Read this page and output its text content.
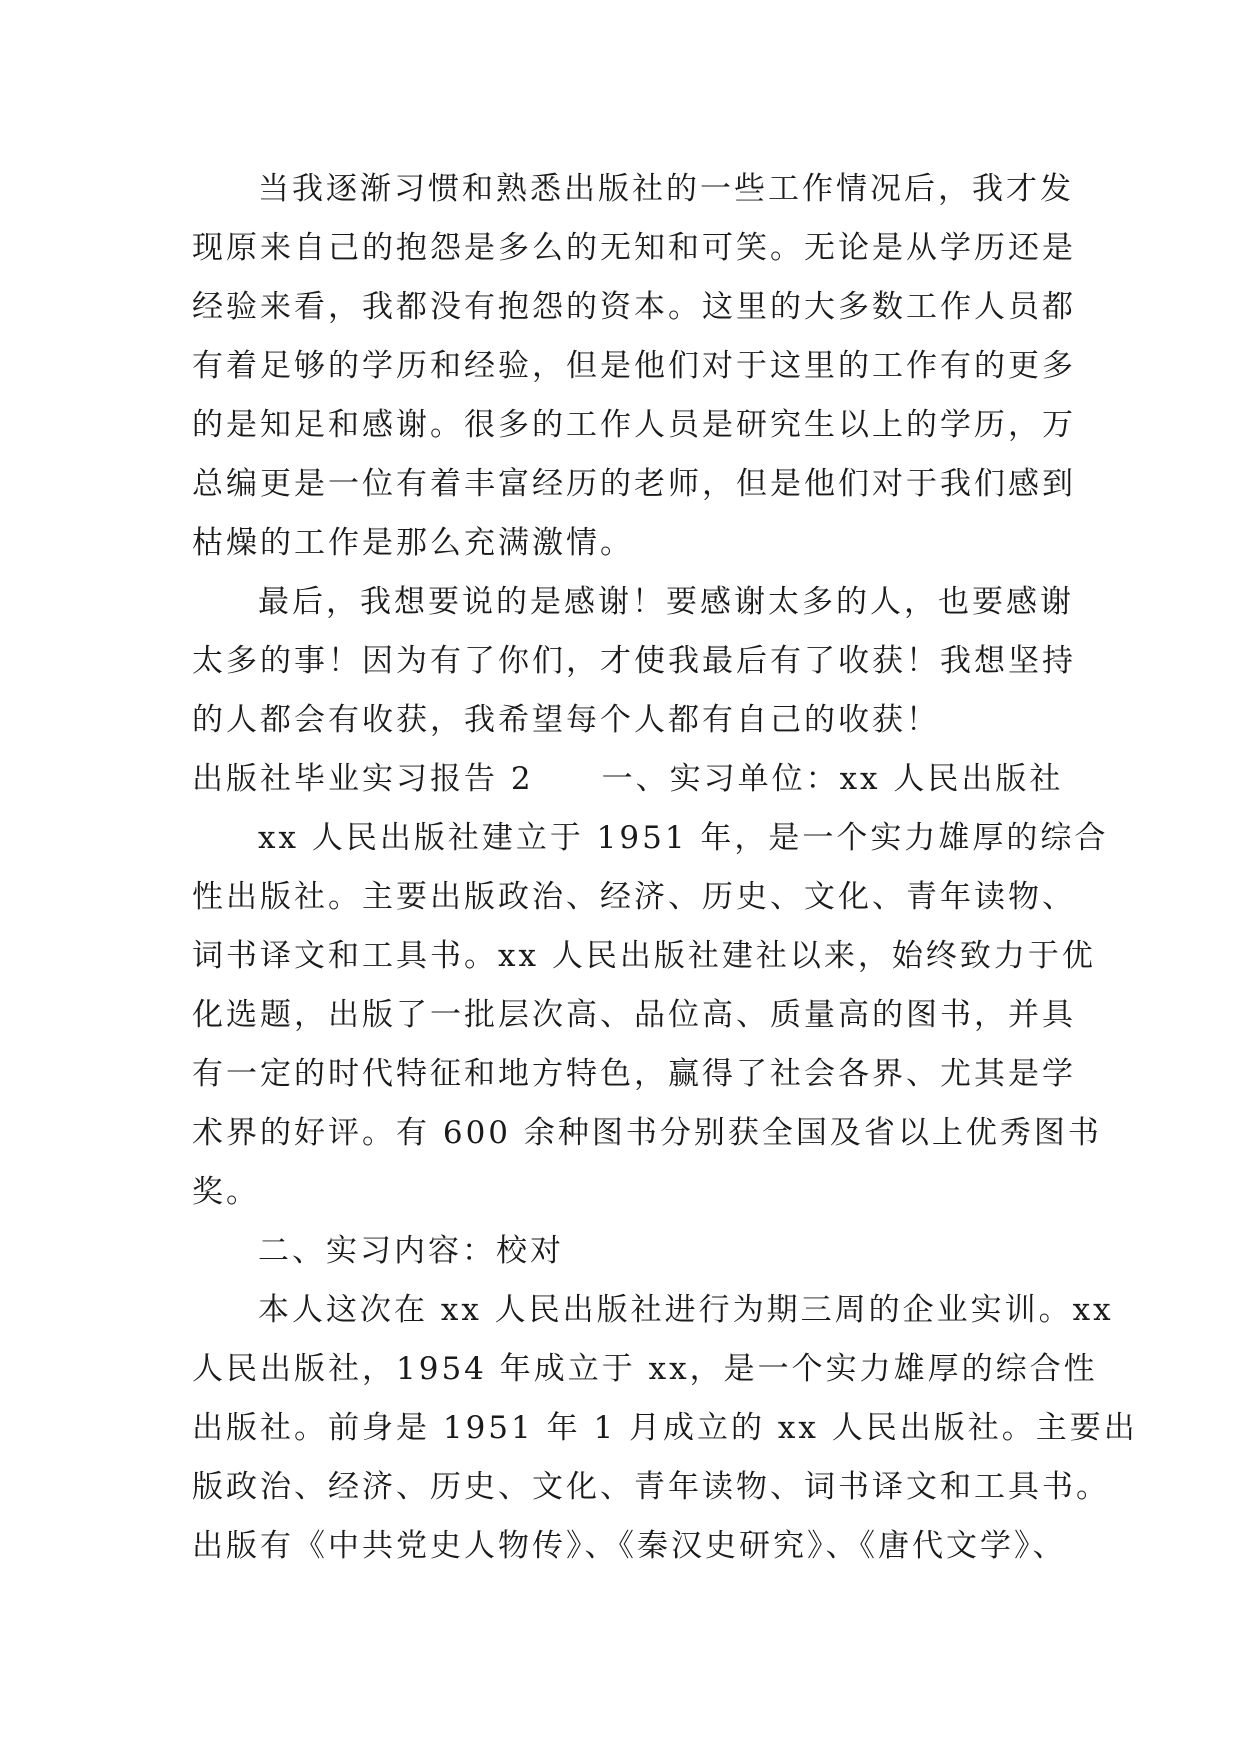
当我逐渐习惯和熟悉出版社的一些工作情况后，我才发
现原来自己的抱怨是多么的无知和可笑。无论是从学历还是
经验来看，我都没有抱怨的资本。这里的大多数工作人员都
有着足够的学历和经验，但是他们对于这里的工作有的更多
的是知足和感谢。很多的工作人员是研究生以上的学历，万
总编更是一位有着丰富经历的老师，但是他们对于我们感到
枯燥的工作是那么充满激情。
最后，我想要说的是感谢！要感谢太多的人，也要感谢
太多的事！因为有了你们，才使我最后有了收获！我想坚持
的人都会有收获，我希望每个人都有自己的收获！
出版社毕业实习报告 2　　一、实习单位：xx 人民出版社
xx 人民出版社建立于 1951 年，是一个实力雄厚的综合
性出版社。主要出版政治、经济、历史、文化、青年读物、
词书译文和工具书。xx 人民出版社建社以来，始终致力于优
化选题，出版了一批层次高、品位高、质量高的图书，并具
有一定的时代特征和地方特色，赢得了社会各界、尤其是学
术界的好评。有 600 余种图书分别获全国及省以上优秀图书
奖。
二、实习内容：校对
本人这次在 xx 人民出版社进行为期三周的企业实训。xx
人民出版社，1954 年成立于 xx，是一个实力雄厚的综合性
出版社。前身是 1951 年 1 月成立的 xx 人民出版社。主要出
版政治、经济、历史、文化、青年读物、词书译文和工具书。
出版有《中共党史人物传》、《秦汉史研究》、《唐代文学》、
